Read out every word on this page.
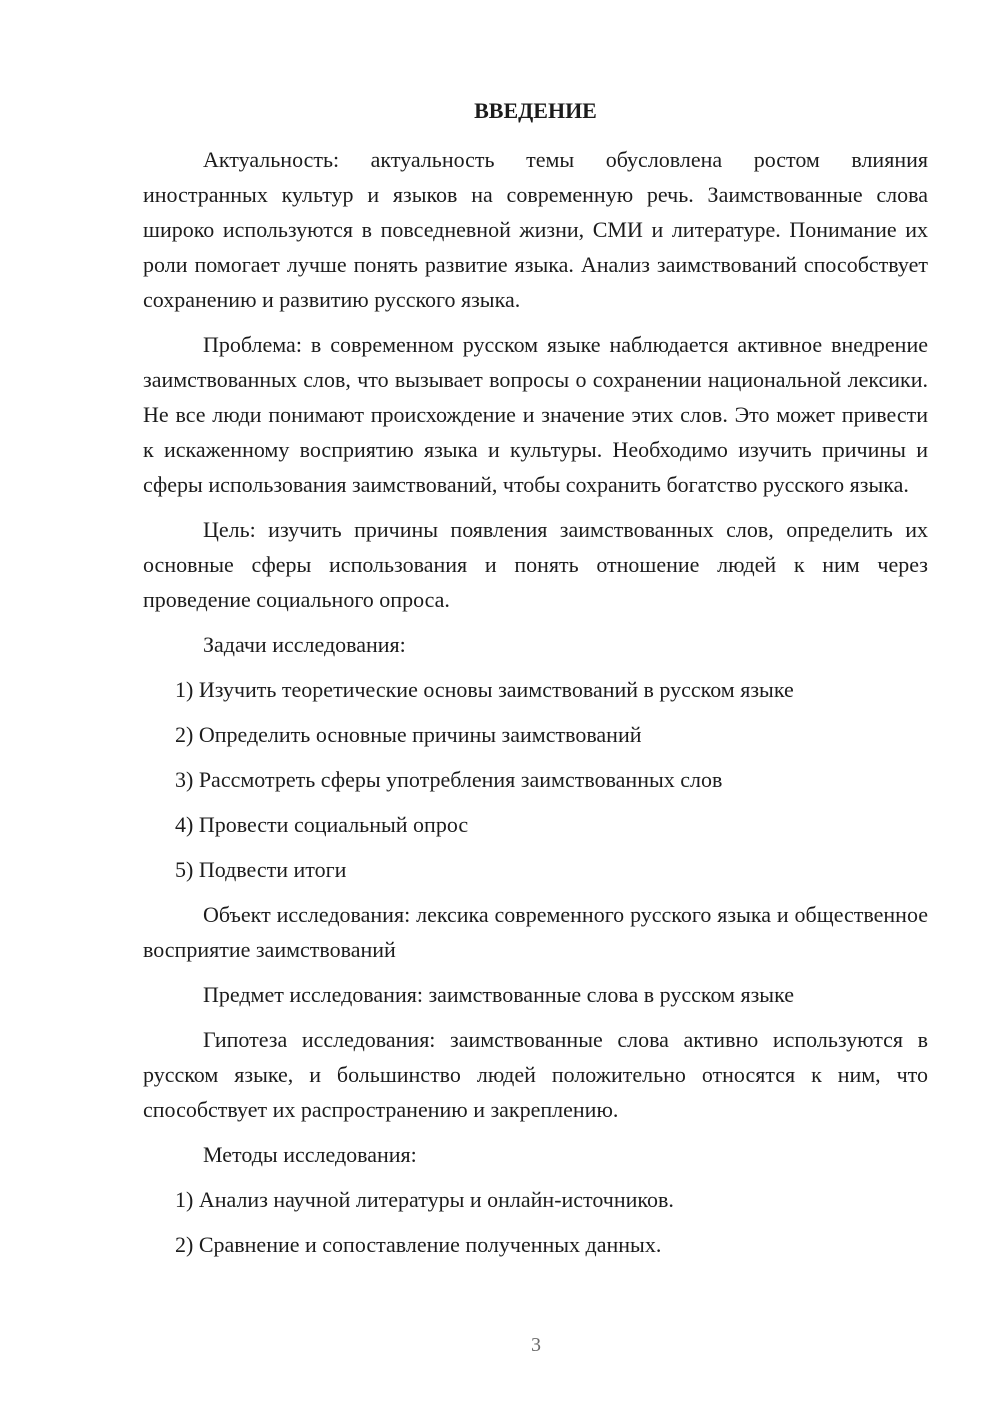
ВВЕДЕНИЕ

Актуальность: актуальность темы обусловлена ростом влияния иностранных культур и языков на современную речь. Заимствованные слова широко используются в повседневной жизни, СМИ и литературе. Понимание их роли помогает лучше понять развитие языка. Анализ заимствований способствует сохранению и развитию русского языка.

Проблема: в современном русском языке наблюдается активное внедрение заимствованных слов, что вызывает вопросы о сохранении национальной лексики. Не все люди понимают происхождение и значение этих слов. Это может привести к искаженному восприятию языка и культуры. Необходимо изучить причины и сферы использования заимствований, чтобы сохранить богатство русского языка.

Цель: изучить причины появления заимствованных слов, определить их основные сферы использования и понять отношение людей к ним через проведение социального опроса.

Задачи исследования:

1) Изучить теоретические основы заимствований в русском языке

2) Определить основные причины заимствований

3) Рассмотреть сферы употребления заимствованных слов

4) Провести социальный опрос

5) Подвести итоги

Объект исследования: лексика современного русского языка и общественное восприятие заимствований

Предмет исследования: заимствованные слова в русском языке

Гипотеза исследования: заимствованные слова активно используются в русском языке, и большинство людей положительно относятся к ним, что способствует их распространению и закреплению.

Методы исследования:

1) Анализ научной литературы и онлайн-источников.

2) Сравнение и сопоставление полученных данных.

3
